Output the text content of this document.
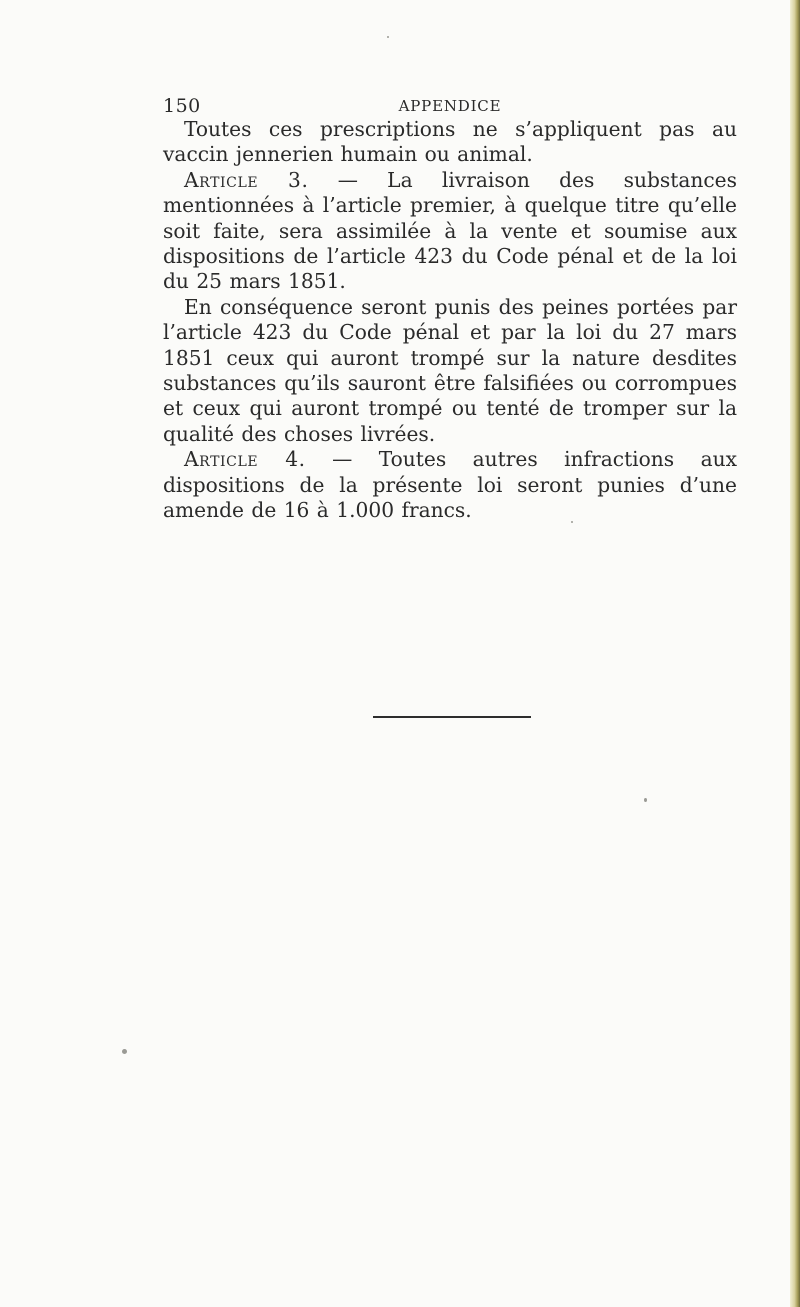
150	APPENDICE

Toutes ces prescriptions ne s’appliquent pas au vaccin jennerien humain ou animal.

Article 3. — La livraison des substances mentionnées à l’article premier, à quelque titre qu’elle soit faite, sera assimilée à la vente et soumise aux dispositions de l’article 423 du Code pénal et de la loi du 25 mars 1851.

En conséquence seront punis des peines portées par l’article 423 du Code pénal et par la loi du 27 mars 1851 ceux qui auront trompé sur la nature desdites substances qu’ils sauront être falsifiées ou corrompues et ceux qui auront trompé ou tenté de tromper sur la qualité des choses livrées.

Article 4. — Toutes autres infractions aux dispositions de la présente loi seront punies d’une amende de 16 à 1.000 francs.
